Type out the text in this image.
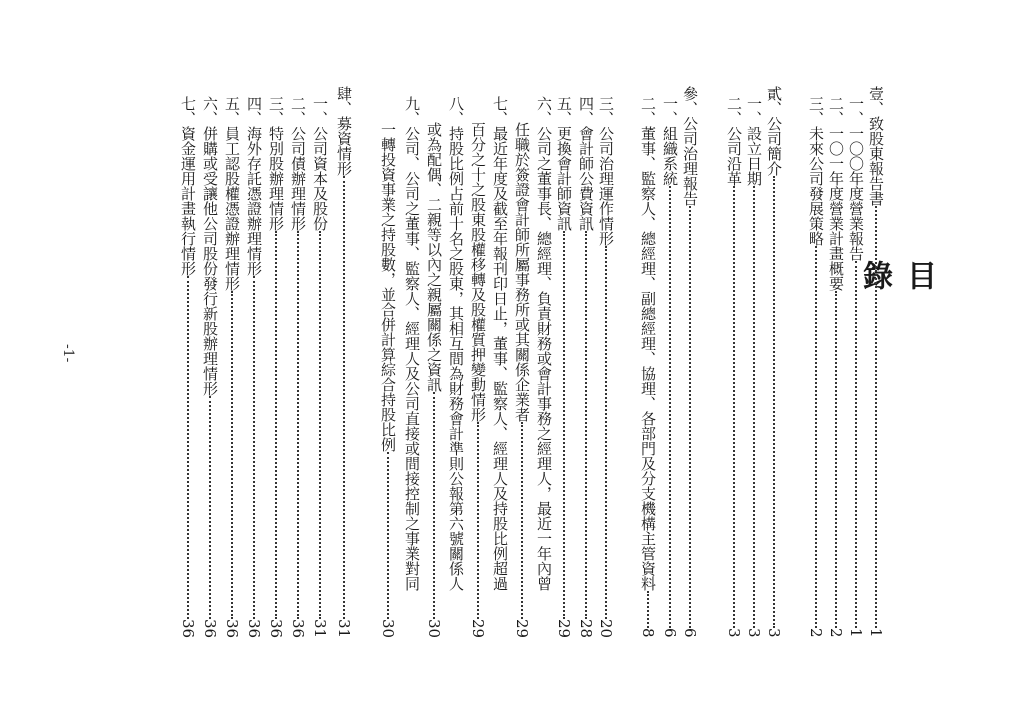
目 錄
壹、致股東報告書
1
一、一〇〇年度營業報告
1
二、一〇一年度營業計畫概要
2
三、未來公司發展策略
2
貳、公司簡介
3
一、設立日期
3
二、公司沿革
3
參、公司治理報告
6
一、組織系統
6
二、董事、監察人、總經理、副總經理、協理、各部門及分支機構主管資料
8
三、公司治理運作情形
20
四、會計師公費資訊
28
五、更換會計師資訊
29
六、公司之董事長、總經理、負責財務或會計事務之經理人，最近一年內曾
任職於簽證會計師所屬事務所或其關係企業者
29
七、最近年度及截至年報刊印日止，董事、監察人、經理人及持股比例超過
百分之十之股東股權移轉及股權質押變動情形
29
八、持股比例占前十名之股東，其相互間為財務會計準則公報第六號關係人
或為配偶、二親等以內之親屬關係之資訊
30
九、公司、公司之董事、監察人、經理人及公司直接或間接控制之事業對同
一轉投資事業之持股數，並合併計算綜合持股比例
30
肆、募資情形
31
一、公司資本及股份
31
二、公司債辦理情形
36
三、特別股辦理情形
36
四、海外存託憑證辦理情形
36
五、員工認股權憑證辦理情形
36
六、併購或受讓他公司股份發行新股辦理情形
36
七、資金運用計畫執行情形
36
-1-
